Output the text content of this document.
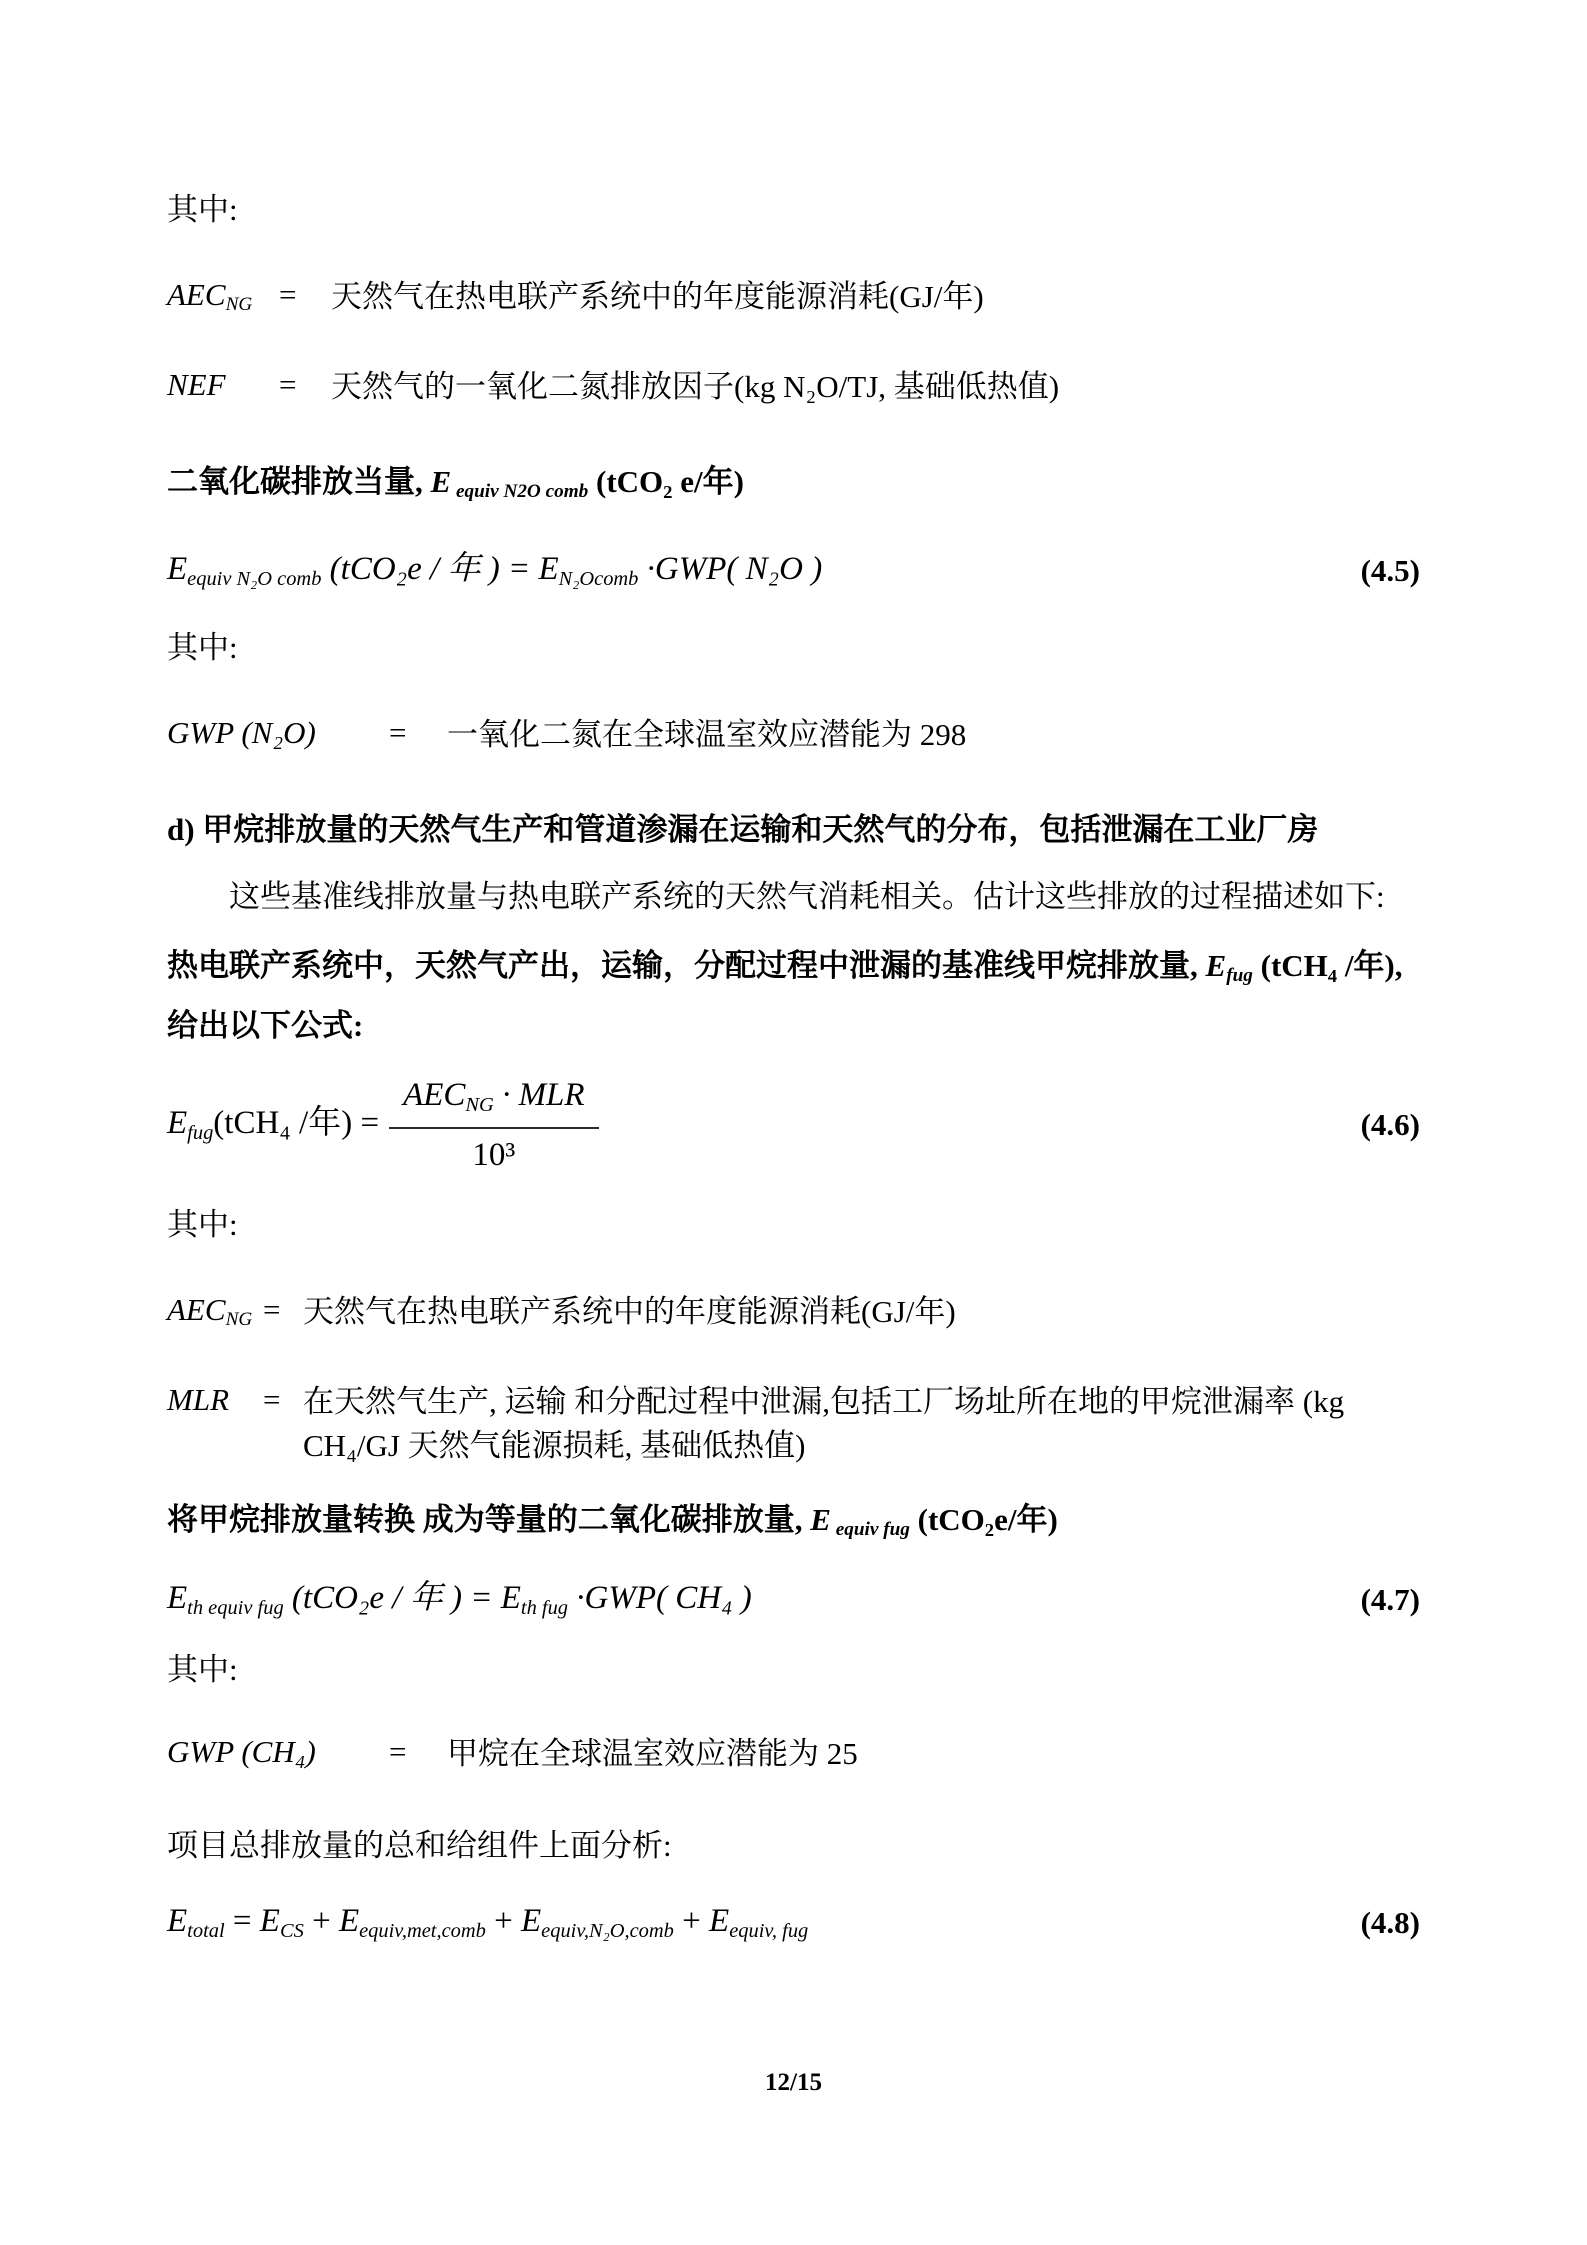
其中:
AECNG =	天然气在热电联产系统中的年度能源消耗(GJ/年)
NEF	=	天然气的一氧化二氮排放因子(kg N₂O/TJ, 基础低热值)
二氧化碳排放当量, E equiv N2O comb (tCO₂ e/年)
Eequiv N₂O comb (tCO₂e / 年 ) = EN₂Ocomb ·GWP( N₂O )	(4.5)
其中:
GWP (N₂O)	=	一氧化二氮在全球温室效应潜能为 298
d) 甲烷排放量的天然气生产和管道渗漏在运输和天然气的分布，包括泄漏在工业厂房
这些基准线排放量与热电联产系统的天然气消耗相关。估计这些排放的过程描述如下:
热电联产系统中，天然气产出，运输，分配过程中泄漏的基准线甲烷排放量, Efug (tCH₄ /年), 给出以下公式:
Efug(tCH₄ /年) = $\frac{\text{AECNG · MLR}}{\text{10³}}$	(4.6)
其中:
AECNG = 天然气在热电联产系统中的年度能源消耗(GJ/年)
MLR	= 在天然气生产, 运输 和分配过程中泄漏,包括工厂场址所在地的甲烷泄漏率 (kg CH₄/GJ 天然气能源损耗, 基础低热值)
将甲烷排放量转换 成为等量的二氧化碳排放量, E equiv fug (tCO₂e/年)
Eth equiv fug (tCO₂e / 年 ) = Eth fug ·GWP( CH₄ )	(4.7)
其中:
GWP (CH₄)	=	甲烷在全球温室效应潜能为 25
项目总排放量的总和给组件上面分析:
Etotal = ECS + Eequiv,met,comb + Eequiv,N₂O,comb + Eequiv, fug	(4.8)
12/15
